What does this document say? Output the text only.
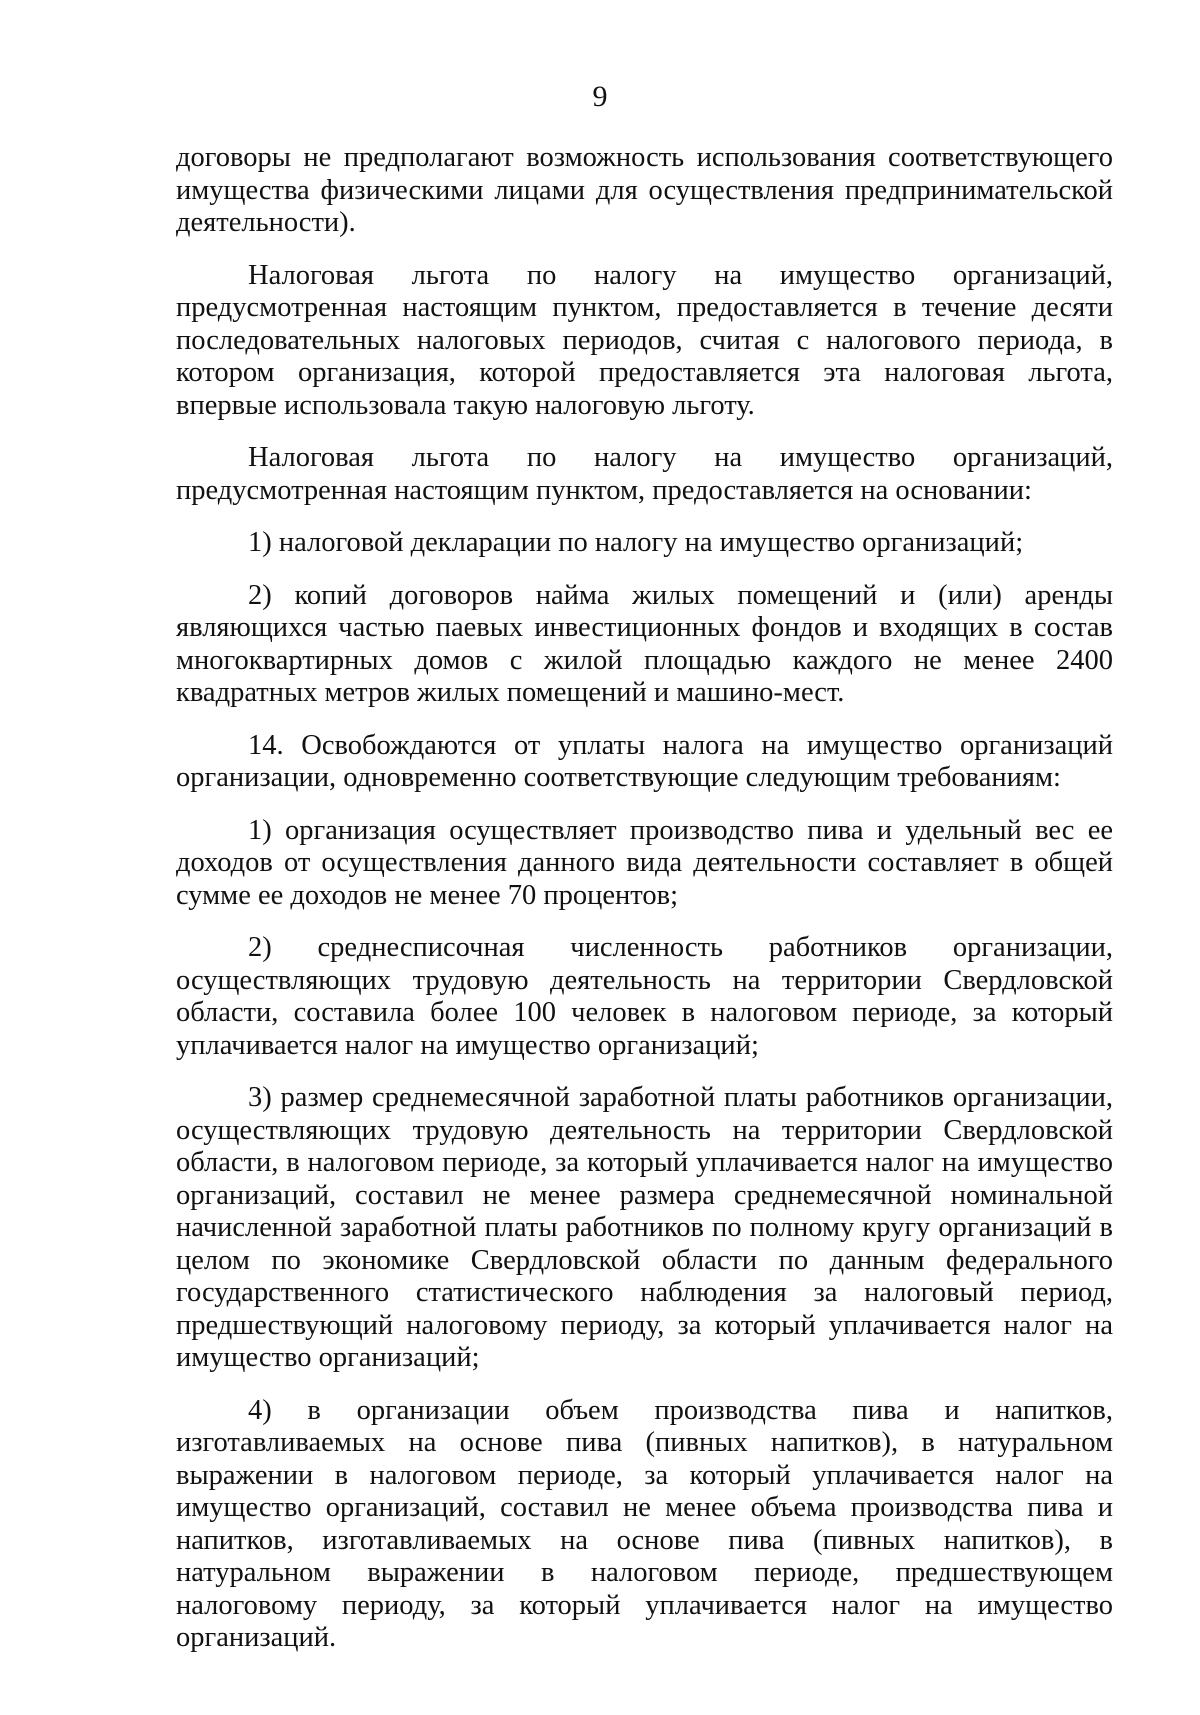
9

договоры не предполагают возможность использования соответствующего имущества физическими лицами для осуществления предпринимательской деятельности).

Налоговая льгота по налогу на имущество организаций, предусмотренная настоящим пунктом, предоставляется в течение десяти последовательных налоговых периодов, считая с налогового периода, в котором организация, которой предоставляется эта налоговая льгота, впервые использовала такую налоговую льготу.

Налоговая льгота по налогу на имущество организаций, предусмотренная настоящим пунктом, предоставляется на основании:

1) налоговой декларации по налогу на имущество организаций;

2) копий договоров найма жилых помещений и (или) аренды являющихся частью паевых инвестиционных фондов и входящих в состав многоквартирных домов с жилой площадью каждого не менее 2400 квадратных метров жилых помещений и машино-мест.

14. Освобождаются от уплаты налога на имущество организаций организации, одновременно соответствующие следующим требованиям:

1) организация осуществляет производство пива и удельный вес ее доходов от осуществления данного вида деятельности составляет в общей сумме ее доходов не менее 70 процентов;

2) среднесписочная численность работников организации, осуществляющих трудовую деятельность на территории Свердловской области, составила более 100 человек в налоговом периоде, за который уплачивается налог на имущество организаций;

3) размер среднемесячной заработной платы работников организации, осуществляющих трудовую деятельность на территории Свердловской области, в налоговом периоде, за который уплачивается налог на имущество организаций, составил не менее размера среднемесячной номинальной начисленной заработной платы работников по полному кругу организаций в целом по экономике Свердловской области по данным федерального государственного статистического наблюдения за налоговый период, предшествующий налоговому периоду, за который уплачивается налог на имущество организаций;

4) в организации объем производства пива и напитков, изготавливаемых на основе пива (пивных напитков), в натуральном выражении в налоговом периоде, за который уплачивается налог на имущество организаций, составил не менее объема производства пива и напитков, изготавливаемых на основе пива (пивных напитков), в натуральном выражении в налоговом периоде, предшествующем налоговому периоду, за который уплачивается налог на имущество организаций.
